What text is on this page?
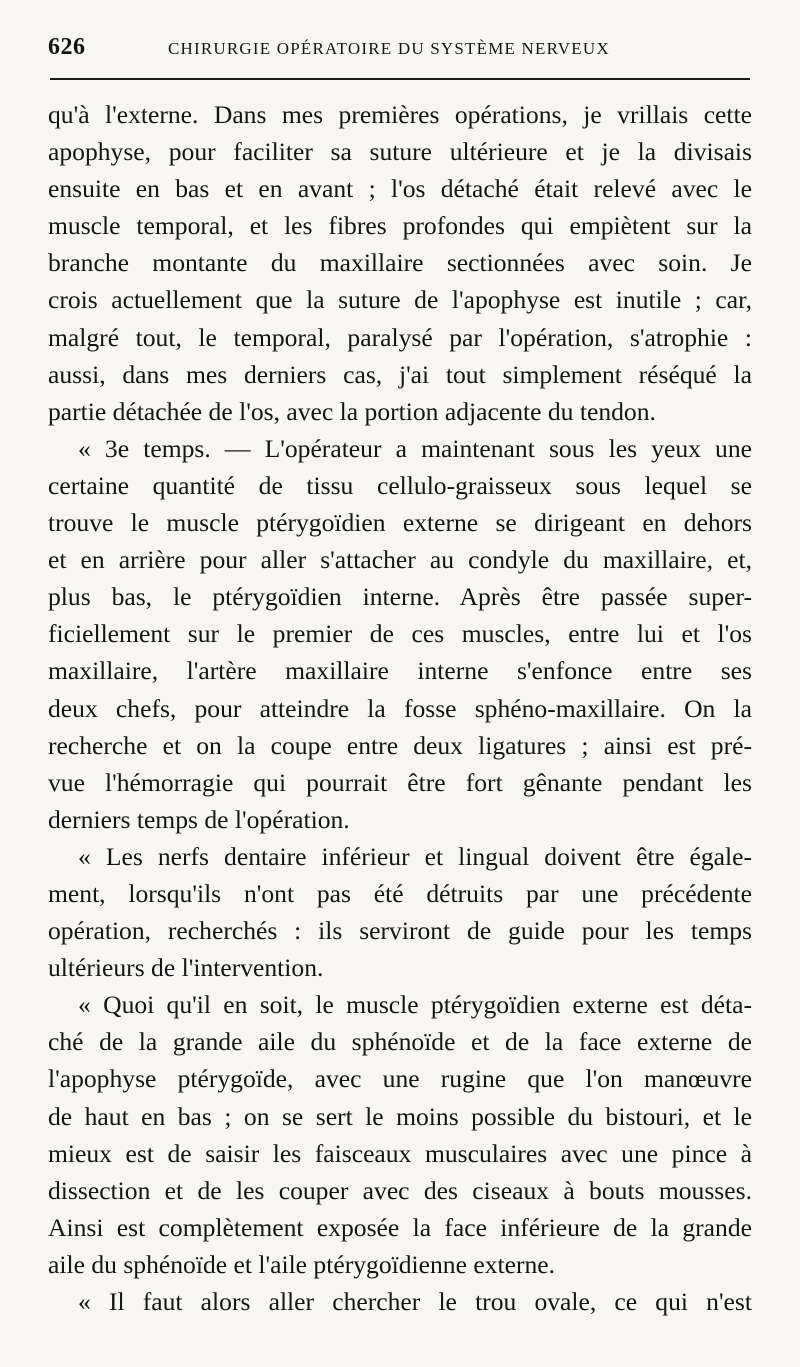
626	CHIRURGIE OPÉRATOIRE DU SYSTÈME NERVEUX
qu'à l'externe. Dans mes premières opérations, je vrillais cette
apophyse, pour faciliter sa suture ultérieure et je la divisais
ensuite en bas et en avant ; l'os détaché était relevé avec le
muscle temporal, et les fibres profondes qui empiètent sur la
branche montante du maxillaire sectionnées avec soin. Je
crois actuellement que la suture de l'apophyse est inutile ; car,
malgré tout, le temporal, paralysé par l'opération, s'atrophie :
aussi, dans mes derniers cas, j'ai tout simplement réséqué la
partie détachée de l'os, avec la portion adjacente du tendon.
« 3e temps. — L'opérateur a maintenant sous les yeux une
certaine quantité de tissu cellulo-graisseux sous lequel se
trouve le muscle ptérygoïdien externe se dirigeant en dehors
et en arrière pour aller s'attacher au condyle du maxillaire, et,
plus bas, le ptérygoïdien interne. Après être passée super-
ficiellement sur le premier de ces muscles, entre lui et l'os
maxillaire, l'artère maxillaire interne s'enfonce entre ses
deux chefs, pour atteindre la fosse sphéno-maxillaire. On la
recherche et on la coupe entre deux ligatures ; ainsi est pré-
vue l'hémorragie qui pourrait être fort gênante pendant les
derniers temps de l'opération.
« Les nerfs dentaire inférieur et lingual doivent être égale-
ment, lorsqu'ils n'ont pas été détruits par une précédente
opération, recherchés : ils serviront de guide pour les temps
ultérieurs de l'intervention.
« Quoi qu'il en soit, le muscle ptérygoïdien externe est déta-
ché de la grande aile du sphénoïde et de la face externe de
l'apophyse ptérygoïde, avec une rugine que l'on manœuvre
de haut en bas ; on se sert le moins possible du bistouri, et le
mieux est de saisir les faisceaux musculaires avec une pince à
dissection et de les couper avec des ciseaux à bouts mousses.
Ainsi est complètement exposée la face inférieure de la grande
aile du sphénoïde et l'aile ptérygoïdienne externe.
« Il faut alors aller chercher le trou ovale, ce qui n'est
